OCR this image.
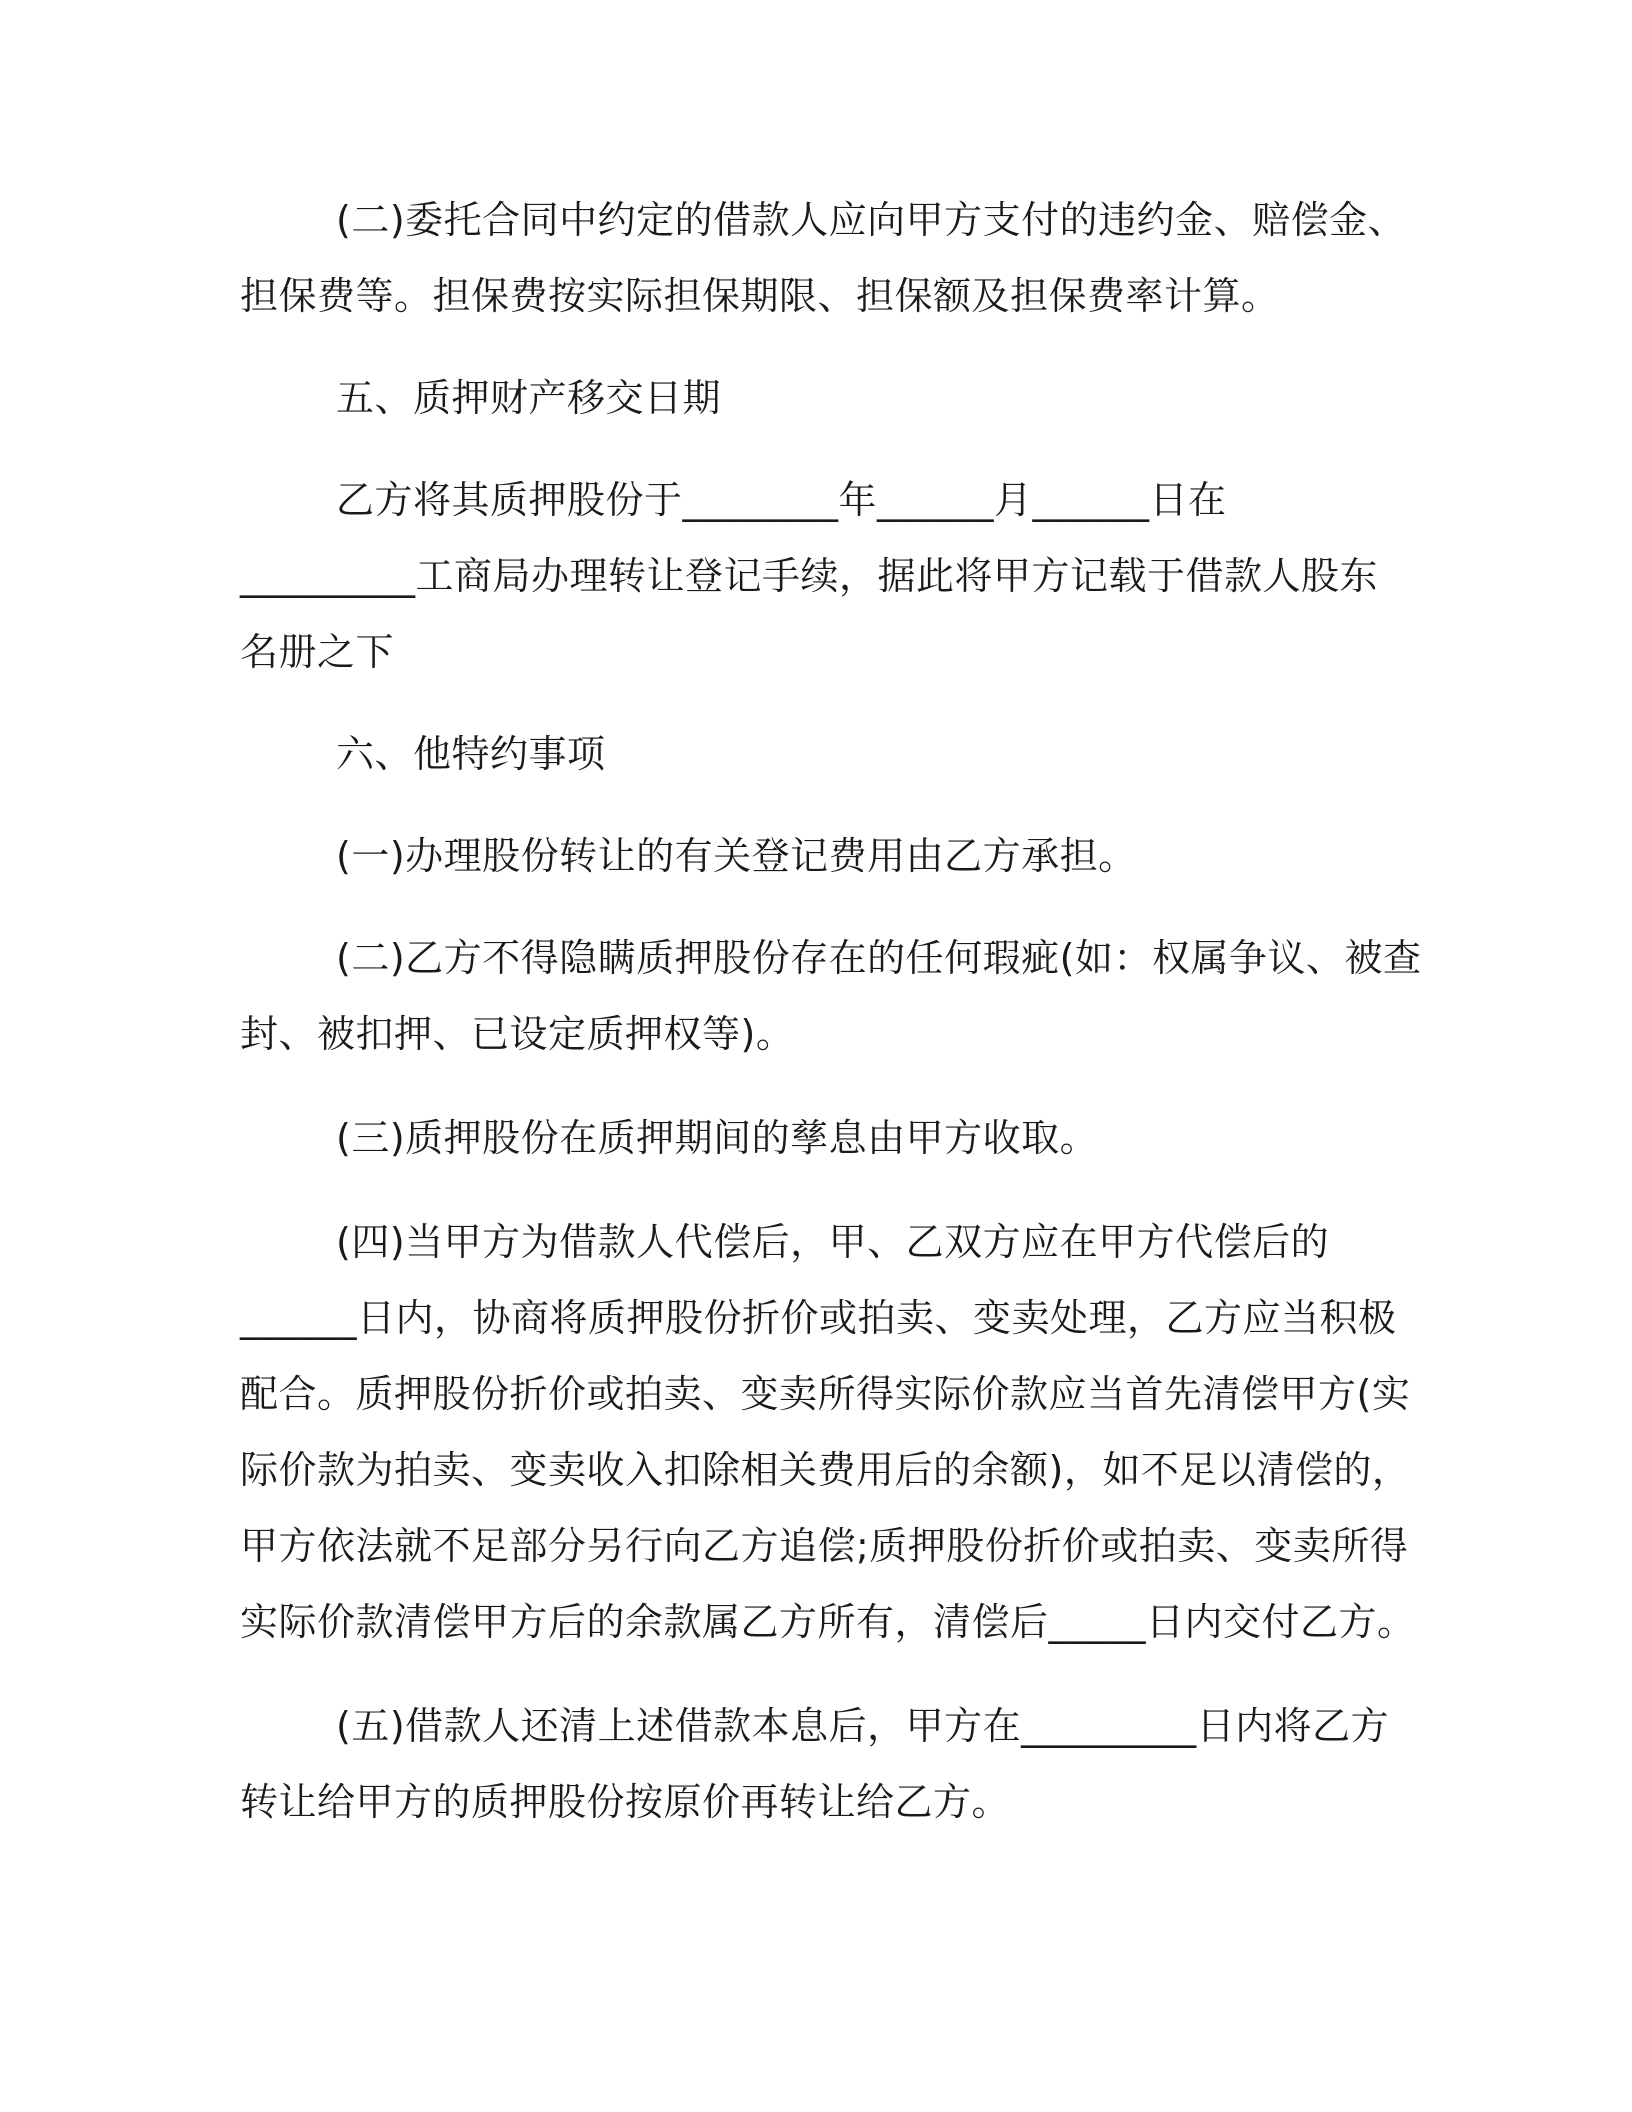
(二)委托合同中约定的借款人应向甲方支付的违约金、赔偿金、
担保费等。担保费按实际担保期限、担保额及担保费率计算。
五、质押财产移交日期
乙方将其质押股份于________年______月______日在
_________工商局办理转让登记手续，据此将甲方记载于借款人股东
名册之下
六、他特约事项
(一)办理股份转让的有关登记费用由乙方承担。
(二)乙方不得隐瞒质押股份存在的任何瑕疵(如：权属争议、被查
封、被扣押、已设定质押权等)。
(三)质押股份在质押期间的孳息由甲方收取。
(四)当甲方为借款人代偿后，甲、乙双方应在甲方代偿后的
______日内，协商将质押股份折价或拍卖、变卖处理，乙方应当积极
配合。质押股份折价或拍卖、变卖所得实际价款应当首先清偿甲方(实
际价款为拍卖、变卖收入扣除相关费用后的余额)，如不足以清偿的，
甲方依法就不足部分另行向乙方追偿;质押股份折价或拍卖、变卖所得
实际价款清偿甲方后的余款属乙方所有，清偿后_____日内交付乙方。
(五)借款人还清上述借款本息后，甲方在_________日内将乙方
转让给甲方的质押股份按原价再转让给乙方。
